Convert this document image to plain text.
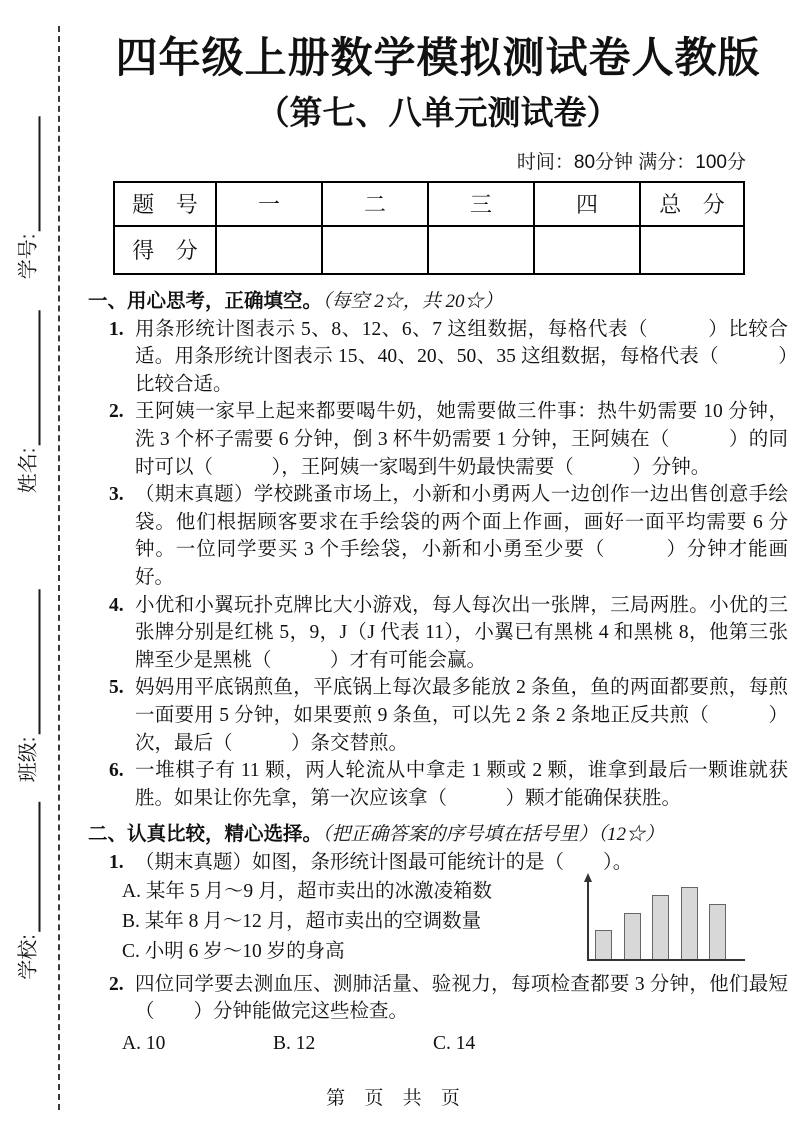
学号:
姓名:
班级:
学校:
四年级上册数学模拟测试卷人教版
（第七、八单元测试卷）
时间：80分钟 满分：100分
题 号	一	二	三	四	总 分
得 分					
一、用心思考，正确填空。（每空 2☆，共 20☆）
1. 用条形统计图表示 5、8、12、6、7 这组数据，每格代表（　　　）比较合适。用条形统计图表示 15、40、20、50、35 这组数据，每格代表（　　　）比较合适。
2. 王阿姨一家早上起来都要喝牛奶，她需要做三件事：热牛奶需要 10 分钟，洗 3 个杯子需要 6 分钟，倒 3 杯牛奶需要 1 分钟，王阿姨在（　　　）的同时可以（　　　），王阿姨一家喝到牛奶最快需要（　　　）分钟。
3. （期末真题）学校跳蚤市场上，小新和小勇两人一边创作一边出售创意手绘袋。他们根据顾客要求在手绘袋的两个面上作画，画好一面平均需要 6 分钟。一位同学要买 3 个手绘袋，小新和小勇至少要（　　　）分钟才能画好。
4. 小优和小翼玩扑克牌比大小游戏，每人每次出一张牌，三局两胜。小优的三张牌分别是红桃 5，9，J（J 代表 11），小翼已有黑桃 4 和黑桃 8，他第三张牌至少是黑桃（　　　）才有可能会赢。
5. 妈妈用平底锅煎鱼，平底锅上每次最多能放 2 条鱼，鱼的两面都要煎，每煎一面要用 5 分钟，如果要煎 9 条鱼，可以先 2 条 2 条地正反共煎（　　　）次，最后（　　　）条交替煎。
6. 一堆棋子有 11 颗，两人轮流从中拿走 1 颗或 2 颗，谁拿到最后一颗谁就获胜。如果让你先拿，第一次应该拿（　　　）颗才能确保获胜。
二、认真比较，精心选择。（把正确答案的序号填在括号里）（12☆）
1. （期末真题）如图，条形统计图最可能统计的是（　　）。
A. 某年 5 月～9 月，超市卖出的冰激凌箱数
B. 某年 8 月～12 月，超市卖出的空调数量
C. 小明 6 岁～10 岁的身高
2. 四位同学要去测血压、测肺活量、验视力，每项检查都要 3 分钟，他们最短（　　）分钟能做完这些检查。
A. 10	B. 12	C. 14
第 页 共 页
